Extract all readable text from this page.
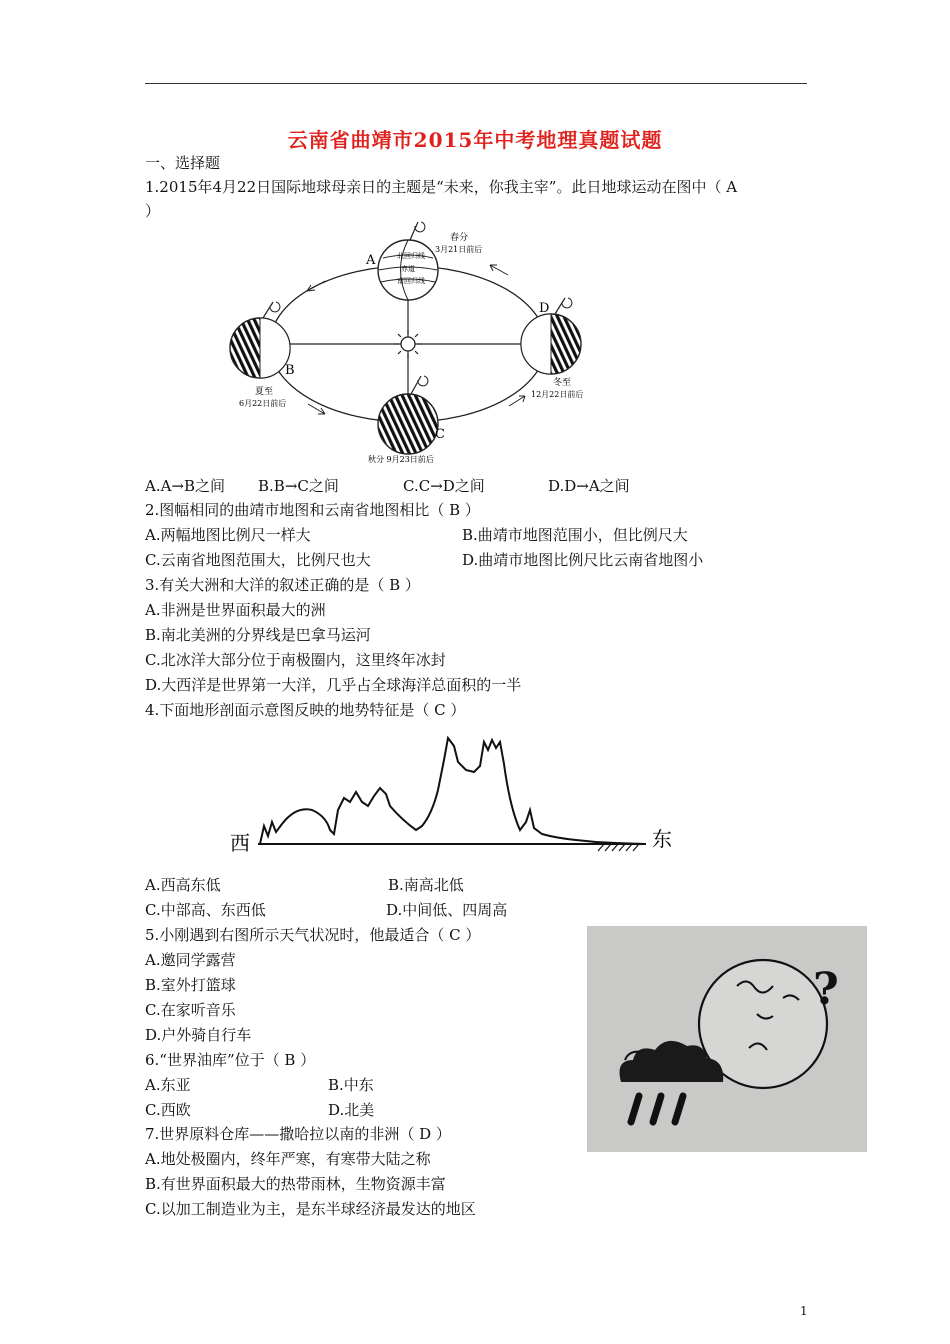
云南省曲靖市2015年中考地理真题试题
一、选择题
1.2015年4月22日国际地球母亲日的主题是“未来，你我主宰”。此日地球运动在图中（ A
）
北回归线
赤道
南回归线
A
春分
3月21日前后
B
夏至
6月22日前后
D
冬至
12月22日前后
C
秋分 9月23日前后
A.A→B之间 B.B→C之间	C.C→D之间	D.D→A之间
2.图幅相同的曲靖市地图和云南省地图相比（ B ）
A.两幅地图比例尺一样大	B.曲靖市地图范围小，但比例尺大
C.云南省地图范围大，比例尺也大	D.曲靖市地图比例尺比云南省地图小
3.有关大洲和大洋的叙述正确的是（ B ）
A.非洲是世界面积最大的洲
B.南北美洲的分界线是巴拿马运河
C.北冰洋大部分位于南极圈内，这里终年冰封
D.大西洋是世界第一大洋，几乎占全球海洋总面积的一半
4.下面地形剖面示意图反映的地势特征是（ C ）
西	东
A.西高东低	B.南高北低
C.中部高、东西低	D.中间低、四周高
5.小刚遇到右图所示天气状况时，他最适合（ C ）
A.邀同学露营
B.室外打篮球
C.在家听音乐
D.户外骑自行车
?
6.“世界油库”位于（ B ）
A.东亚	B.中东
C.西欧	D.北美
7.世界原料仓库——撒哈拉以南的非洲（ D ）
A.地处极圈内，终年严寒，有寒带大陆之称
B.有世界面积最大的热带雨林，生物资源丰富
C.以加工制造业为主，是东半球经济最发达的地区
1
